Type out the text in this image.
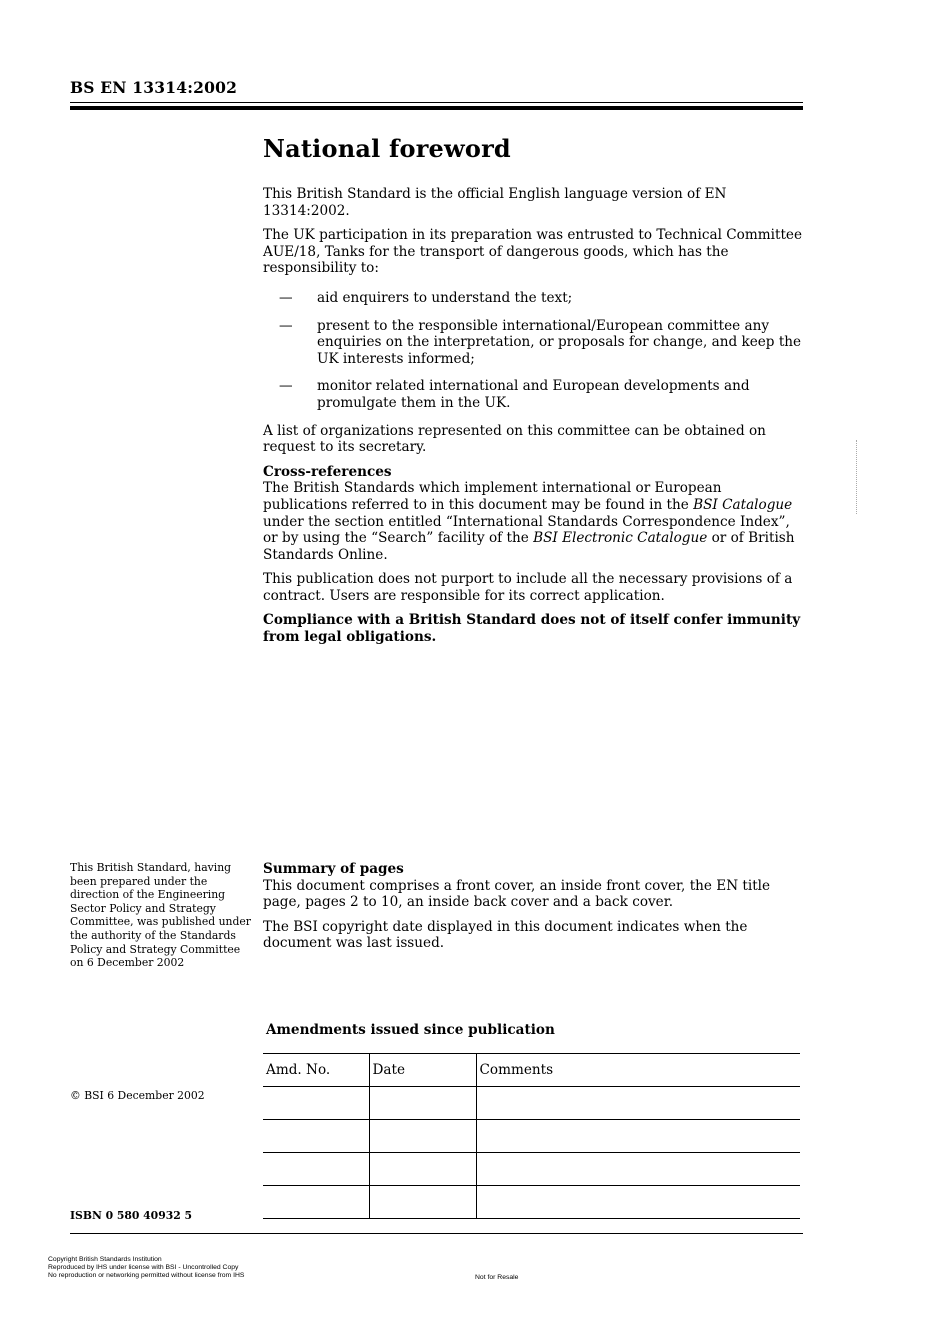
BS EN 13314:2002
National foreword

This British Standard is the official English language version of EN 13314:2002.

The UK participation in its preparation was entrusted to Technical Committee AUE/18, Tanks for the transport of dangerous goods, which has the responsibility to:

— aid enquirers to understand the text;
— present to the responsible international/European committee any enquiries on the interpretation, or proposals for change, and keep the UK interests informed;
— monitor related international and European developments and promulgate them in the UK.

A list of organizations represented on this committee can be obtained on request to its secretary.

Cross-references

The British Standards which implement international or European publications referred to in this document may be found in the BSI Catalogue under the section entitled “International Standards Correspondence Index”, or by using the “Search” facility of the BSI Electronic Catalogue or of British Standards Online.

This publication does not purport to include all the necessary provisions of a contract. Users are responsible for its correct application.

Compliance with a British Standard does not of itself confer immunity from legal obligations.

This British Standard, having been prepared under the direction of the Engineering Sector Policy and Strategy Committee, was published under the authority of the Standards Policy and Strategy Committee on 6 December 2002

Summary of pages

This document comprises a front cover, an inside front cover, the EN title page, pages 2 to 10, an inside back cover and a back cover.

The BSI copyright date displayed in this document indicates when the document was last issued.

Amendments issued since publication
Amd. No.	Date	Comments

© BSI 6 December 2002
ISBN 0 580 40932 5
Copyright British Standards Institution
Reproduced by IHS under license with BSI - Uncontrolled Copy
No reproduction or networking permitted without license from IHS	Not for Resale
